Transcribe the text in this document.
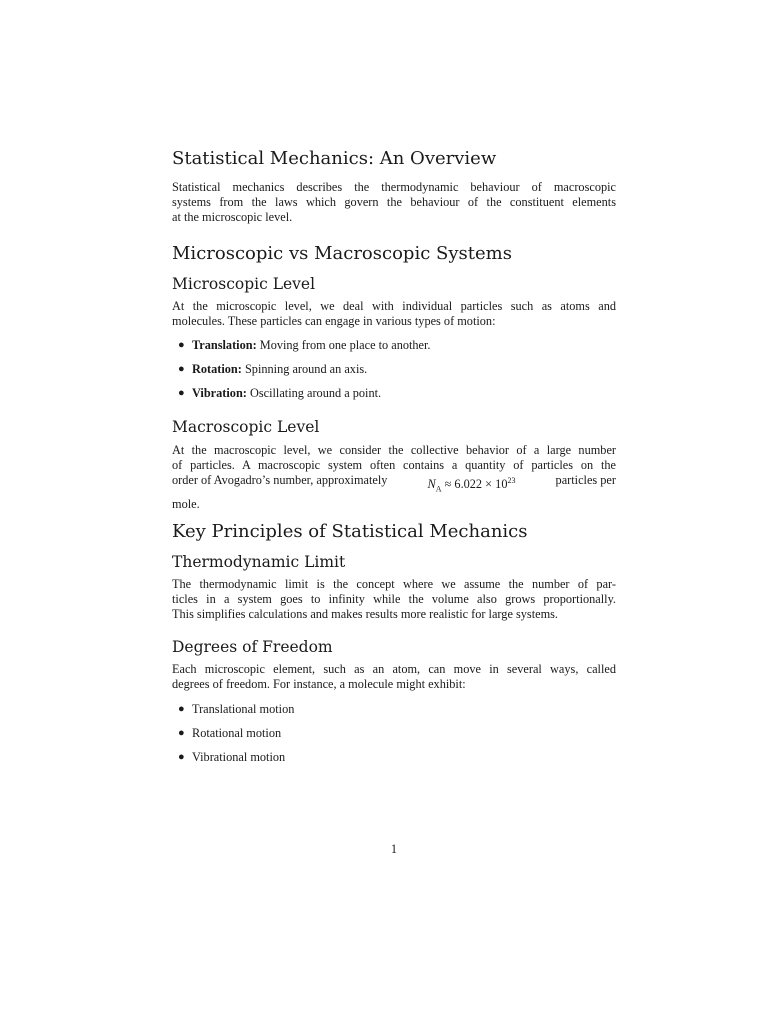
Statistical Mechanics: An Overview

Statistical mechanics describes the thermodynamic behaviour of macroscopic
systems from the laws which govern the behaviour of the constituent elements
at the microscopic level.

Microscopic vs Macroscopic Systems
Microscopic Level

At the microscopic level, we deal with individual particles such as atoms and
molecules. These particles can engage in various types of motion:

● Translation: Moving from one place to another.
● Rotation: Spinning around an axis.
● Vibration: Oscillating around a point.
Macroscopic Level

At the macroscopic level, we consider the collective behavior of a large number
of particles. A macroscopic system often contains a quantity of particles on the
order of Avogadro’s number, approximately	$N_A \approx 6.022 \times 10^{23}$	particles per
mole.

Key Principles of Statistical Mechanics
Thermodynamic Limit

The thermodynamic limit is the concept where we assume the number of par-
ticles in a system goes to infinity while the volume also grows proportionally.
This simplifies calculations and makes results more realistic for large systems.

Degrees of Freedom

Each microscopic element, such as an atom, can move in several ways, called
degrees of freedom. For instance, a molecule might exhibit:

● Translational motion
● Rotational motion
● Vibrational motion
1
